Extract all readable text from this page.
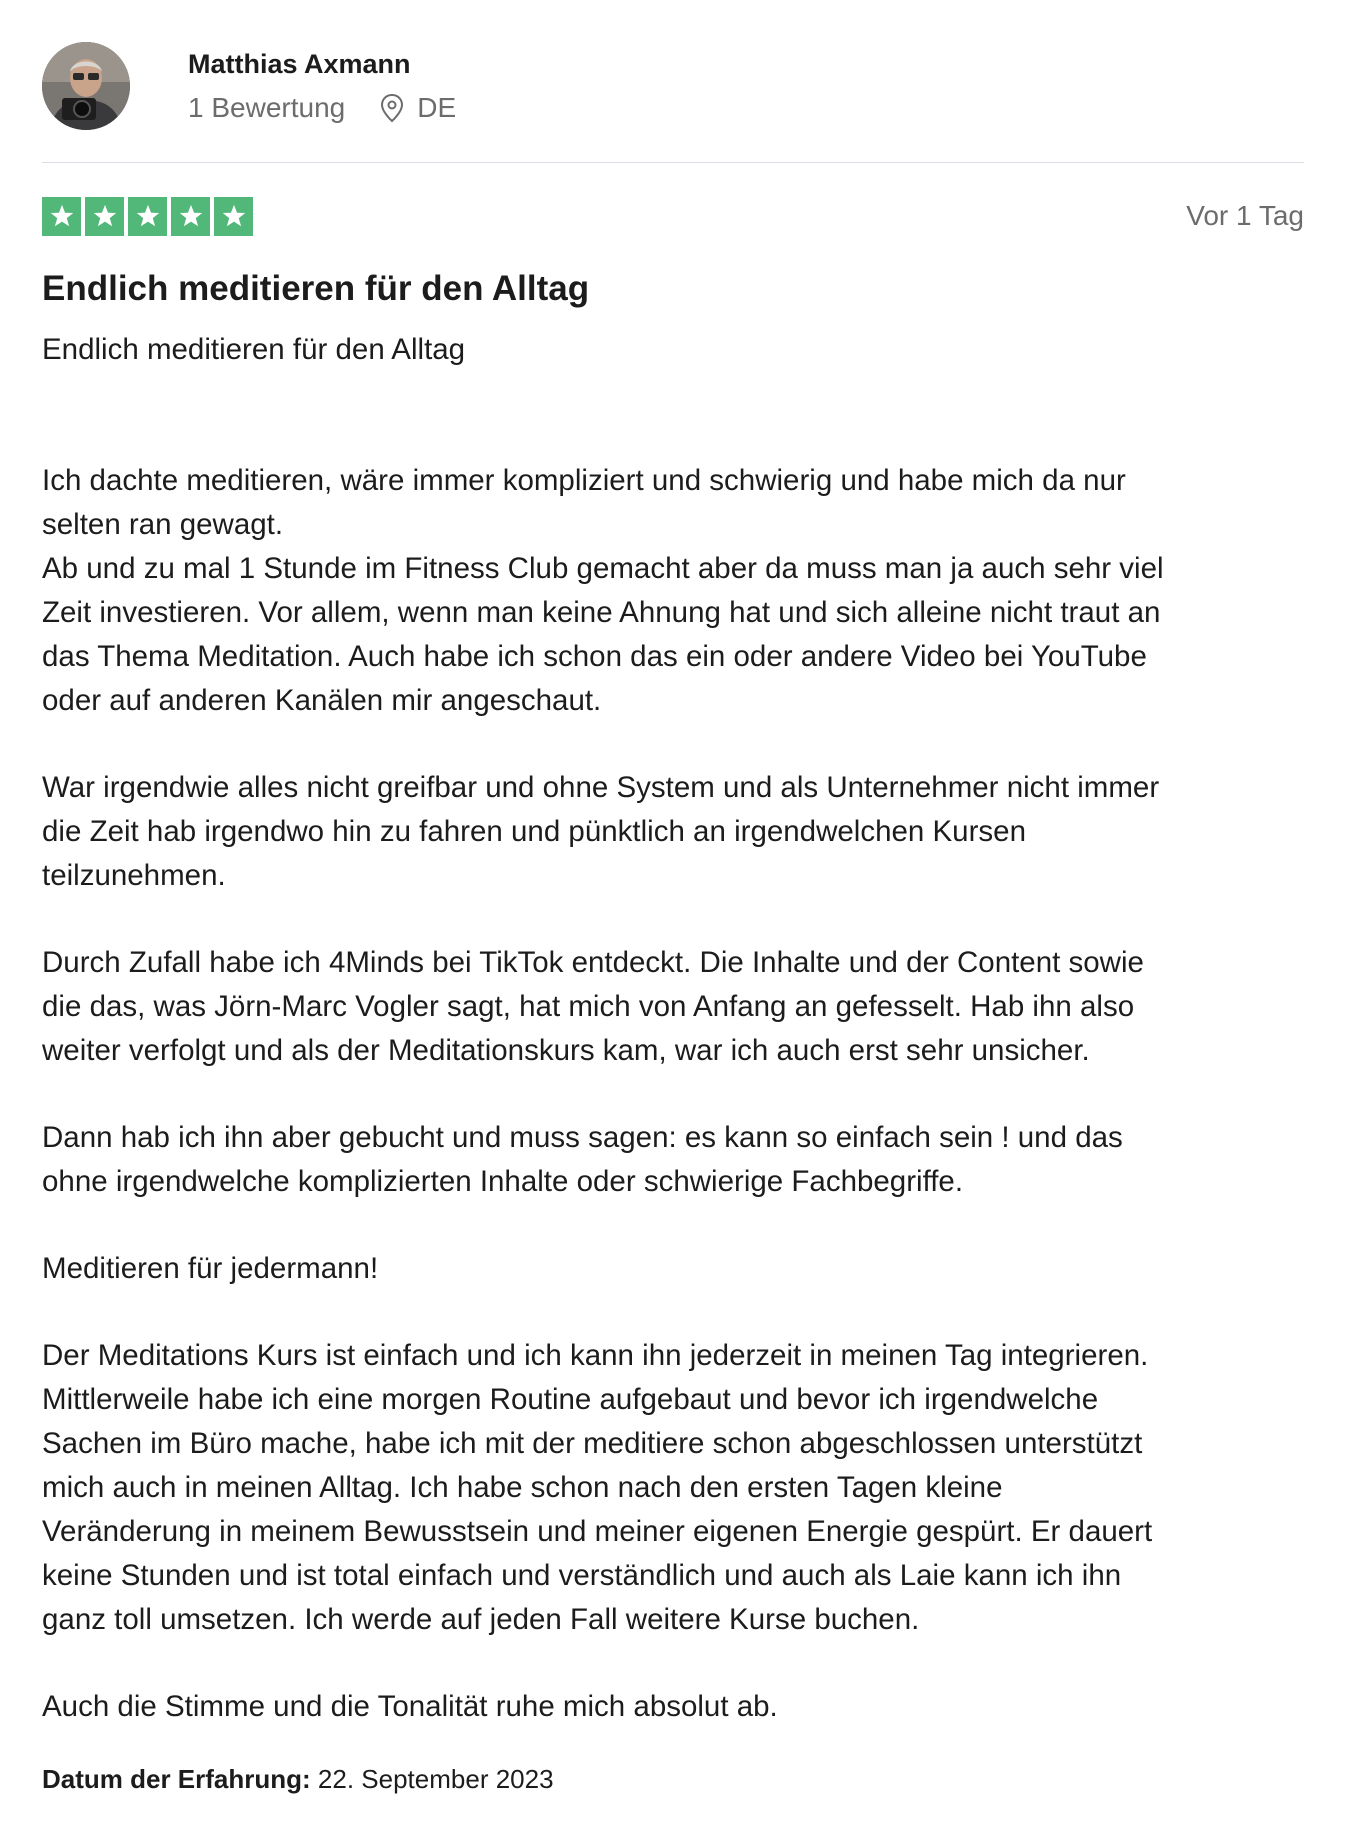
Matthias Axmann
1 Bewertung	DE
Vor 1 Tag
Endlich meditieren für den Alltag

Endlich meditieren für den Alltag

Ich dachte meditieren, wäre immer kompliziert und schwierig und habe mich da nur
selten ran gewagt.
Ab und zu mal 1 Stunde im Fitness Club gemacht aber da muss man ja auch sehr viel
Zeit investieren. Vor allem, wenn man keine Ahnung hat und sich alleine nicht traut an
das Thema Meditation. Auch habe ich schon das ein oder andere Video bei YouTube
oder auf anderen Kanälen mir angeschaut.

War irgendwie alles nicht greifbar und ohne System und als Unternehmer nicht immer
die Zeit hab irgendwo hin zu fahren und pünktlich an irgendwelchen Kursen
teilzunehmen.

Durch Zufall habe ich 4Minds bei TikTok entdeckt. Die Inhalte und der Content sowie
die das, was Jörn-Marc Vogler sagt, hat mich von Anfang an gefesselt. Hab ihn also
weiter verfolgt und als der Meditationskurs kam, war ich auch erst sehr unsicher.

Dann hab ich ihn aber gebucht und muss sagen: es kann so einfach sein ! und das
ohne irgendwelche komplizierten Inhalte oder schwierige Fachbegriffe.

Meditieren für jedermann!

Der Meditations Kurs ist einfach und ich kann ihn jederzeit in meinen Tag integrieren.
Mittlerweile habe ich eine morgen Routine aufgebaut und bevor ich irgendwelche
Sachen im Büro mache, habe ich mit der meditiere schon abgeschlossen unterstützt
mich auch in meinen Alltag. Ich habe schon nach den ersten Tagen kleine
Veränderung in meinem Bewusstsein und meiner eigenen Energie gespürt. Er dauert
keine Stunden und ist total einfach und verständlich und auch als Laie kann ich ihn
ganz toll umsetzen. Ich werde auf jeden Fall weitere Kurse buchen.

Auch die Stimme und die Tonalität ruhe mich absolut ab.

Datum der Erfahrung: 22. September 2023
